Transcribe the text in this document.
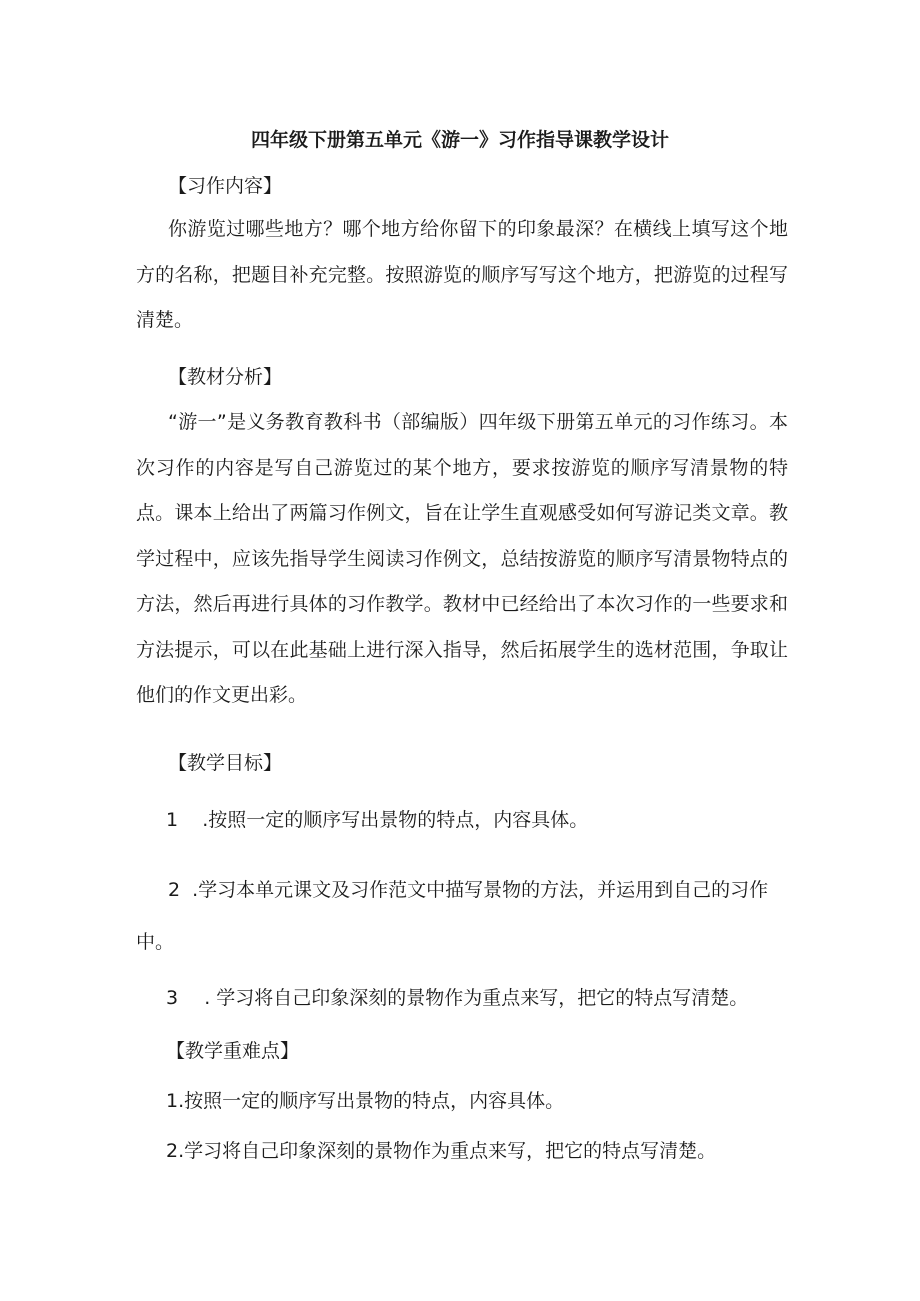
四年级下册第五单元《游一》习作指导课教学设计
【习作内容】

你游览过哪些地方？哪个地方给你留下的印象最深？在横线上填写这个地方的名称，把题目补充完整。按照游览的顺序写写这个地方，把游览的过程写清楚。

【教材分析】

“游一”是义务教育教科书（部编版）四年级下册第五单元的习作练习。本次习作的内容是写自己游览过的某个地方，要求按游览的顺序写清景物的特点。课本上给出了两篇习作例文，旨在让学生直观感受如何写游记类文章。教学过程中，应该先指导学生阅读习作例文，总结按游览的顺序写清景物特点的方法，然后再进行具体的习作教学。教材中已经给出了本次习作的一些要求和方法提示，可以在此基础上进行深入指导，然后拓展学生的选材范围，争取让他们的作文更出彩。

【教学目标】
1 .按照一定的顺序写出景物的特点，内容具体。

2 .学习本单元课文及习作范文中描写景物的方法，并运用到自己的习作中。

3 . 学习将自己印象深刻的景物作为重点来写，把它的特点写清楚。
【教学重难点】
1.按照一定的顺序写出景物的特点，内容具体。
2.学习将自己印象深刻的景物作为重点来写，把它的特点写清楚。
